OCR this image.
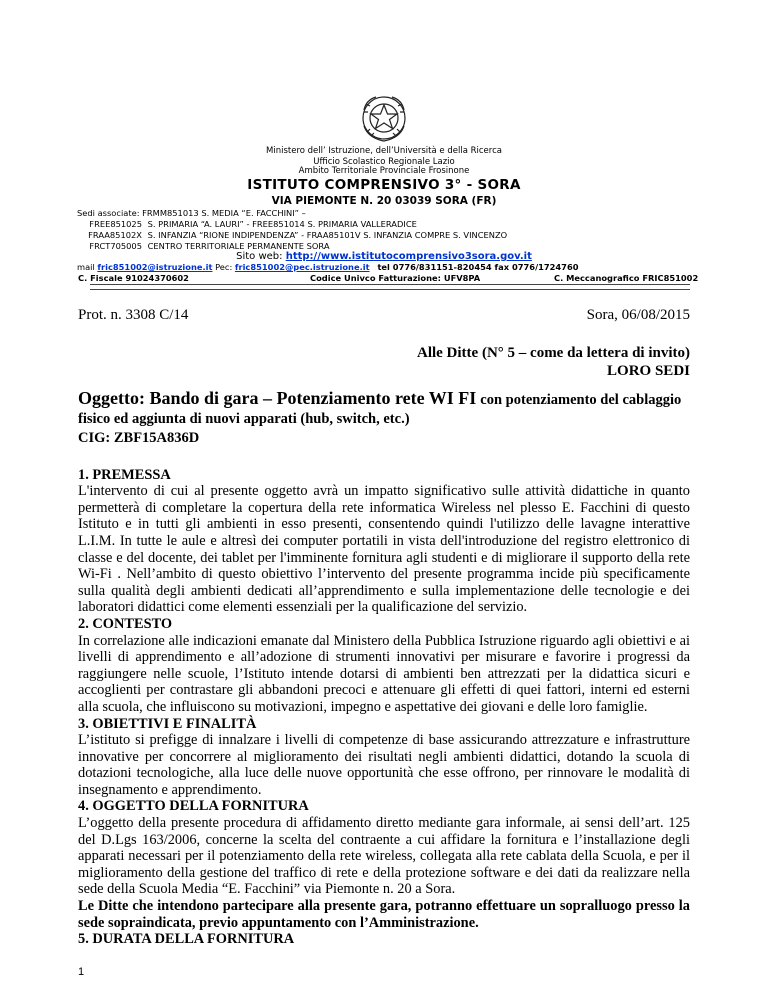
Ministero dell’ Istruzione, dell’Università e della Ricerca
Ufficio Scolastico Regionale Lazio
Ambito Territoriale Provinciale Frosinone
ISTITUTO COMPRENSIVO 3° - SORA
VIA PIEMONTE N. 20 03039 SORA (FR)
Sedi associate: FRMM851013 S. MEDIA “E. FACCHINI” –
FREE851025 S. PRIMARIA “A. LAURI” - FREE851014 S. PRIMARIA VALLERADICE
FRAA85102X S. INFANZIA “RIONE INDIPENDENZA” - FRAA85101V S. INFANZIA COMPRE S. VINCENZO
FRCT705005 CENTRO TERRITORIALE PERMANENTE SORA
Sito web: http://www.istitutocomprensivo3sora.gov.it
mail fric851002@istruzione.it Pec: fric851002@pec.istruzione.it tel 0776/831151-820454 fax 0776/1724760
C. Fiscale 91024370602	Codice Univco Fatturazione: UFV8PA	C. Meccanografico FRIC851002
Prot. n. 3308 C/14	Sora, 06/08/2015
Alle Ditte (N° 5 – come da lettera di invito)
LORO SEDI
Oggetto: Bando di gara – Potenziamento rete WI FI con potenziamento del cablaggio
fisico ed aggiunta di nuovi apparati (hub, switch, etc.)
CIG: ZBF15A836D
1. PREMESSA

L'intervento di cui al presente oggetto avrà un impatto significativo sulle attività didattiche in quanto permetterà di completare la copertura della rete informatica Wireless nel plesso E. Facchini di questo Istituto e in tutti gli ambienti in esso presenti, consentendo quindi l'utilizzo delle lavagne interattive L.I.M. In tutte le aule e altresì dei computer portatili in vista dell'introduzione del registro elettronico di classe e del docente, dei tablet per l'imminente fornitura agli studenti e di migliorare il supporto della rete Wi-Fi . Nell’ambito di questo obiettivo l’intervento del presente programma incide più specificamente sulla qualità degli ambienti dedicati all’apprendimento e sulla implementazione delle tecnologie e dei laboratori didattici come elementi essenziali per la qualificazione del servizio.

2. CONTESTO

In correlazione alle indicazioni emanate dal Ministero della Pubblica Istruzione riguardo agli obiettivi e ai livelli di apprendimento e all’adozione di strumenti innovativi per misurare e favorire i progressi da raggiungere nelle scuole, l’Istituto intende dotarsi di ambienti ben attrezzati per la didattica sicuri e accoglienti per contrastare gli abbandoni precoci e attenuare gli effetti di quei fattori, interni ed esterni alla scuola, che influiscono su motivazioni, impegno e aspettative dei giovani e delle loro famiglie.

3. OBIETTIVI E FINALITÀ

L’istituto si prefigge di innalzare i livelli di competenze di base assicurando attrezzature e infrastrutture innovative per concorrere al miglioramento dei risultati negli ambienti didattici, dotando la scuola di dotazioni tecnologiche, alla luce delle nuove opportunità che esse offrono, per rinnovare le modalità di insegnamento e apprendimento.

4. OGGETTO DELLA FORNITURA

L’oggetto della presente procedura di affidamento diretto mediante gara informale, ai sensi dell’art. 125 del D.Lgs 163/2006, concerne la scelta del contraente a cui affidare la fornitura e l’installazione degli apparati necessari per il potenziamento della rete wireless, collegata alla rete cablata della Scuola, e per il miglioramento della gestione del traffico di rete e della protezione software e dei dati da realizzare nella sede della Scuola Media “E. Facchini” via Piemonte n. 20 a Sora.

Le Ditte che intendono partecipare alla presente gara, potranno effettuare un sopralluogo presso la sede sopraindicata, previo appuntamento con l’Amministrazione.

5. DURATA DELLA FORNITURA
1
